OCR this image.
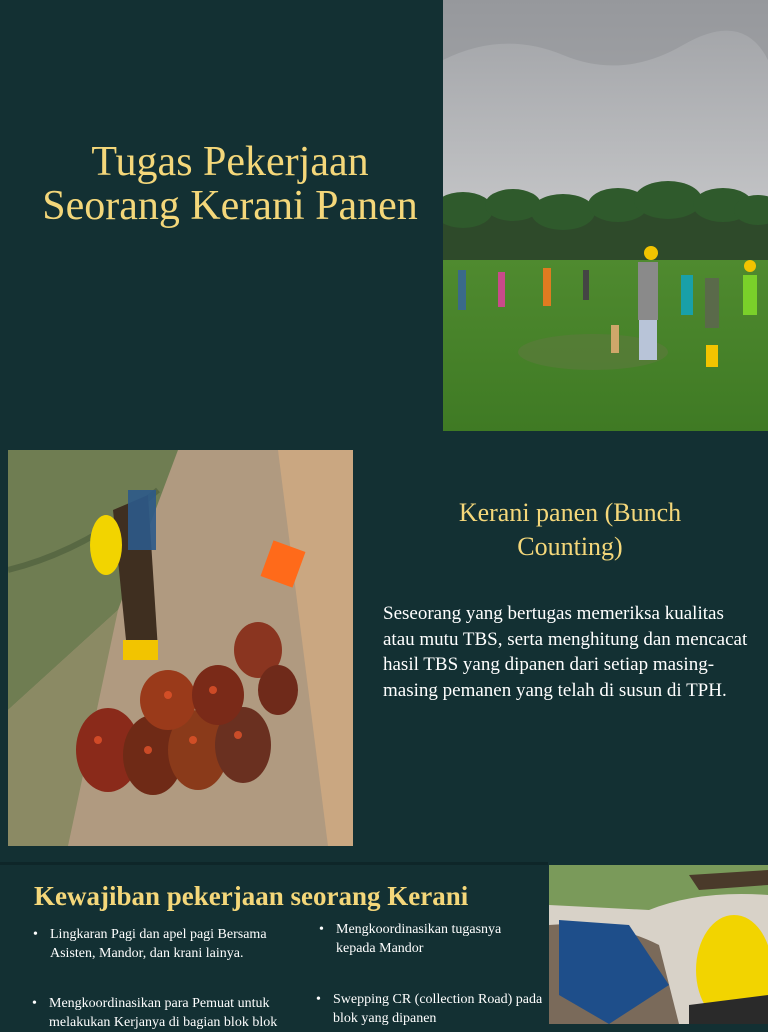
Tugas Pekerjaan Seorang Kerani Panen
Kerani panen (Bunch Counting)
Seseorang yang bertugas memeriksa kualitas atau mutu TBS, serta menghitung dan mencacat hasil TBS yang dipanen dari setiap masing-masing pemanen yang telah di susun di TPH.
Kewajiban pekerjaan seorang Kerani
• Lingkaran Pagi dan apel pagi Bersama Asisten, Mandor, dan krani lainya.
• Mengkoordinasikan para Pemuat untuk melakukan Kerjanya di bagian blok blok
• Mengkoordinasikan tugasnya kepada Mandor
• Swepping CR (collection Road) pada blok yang dipanen
